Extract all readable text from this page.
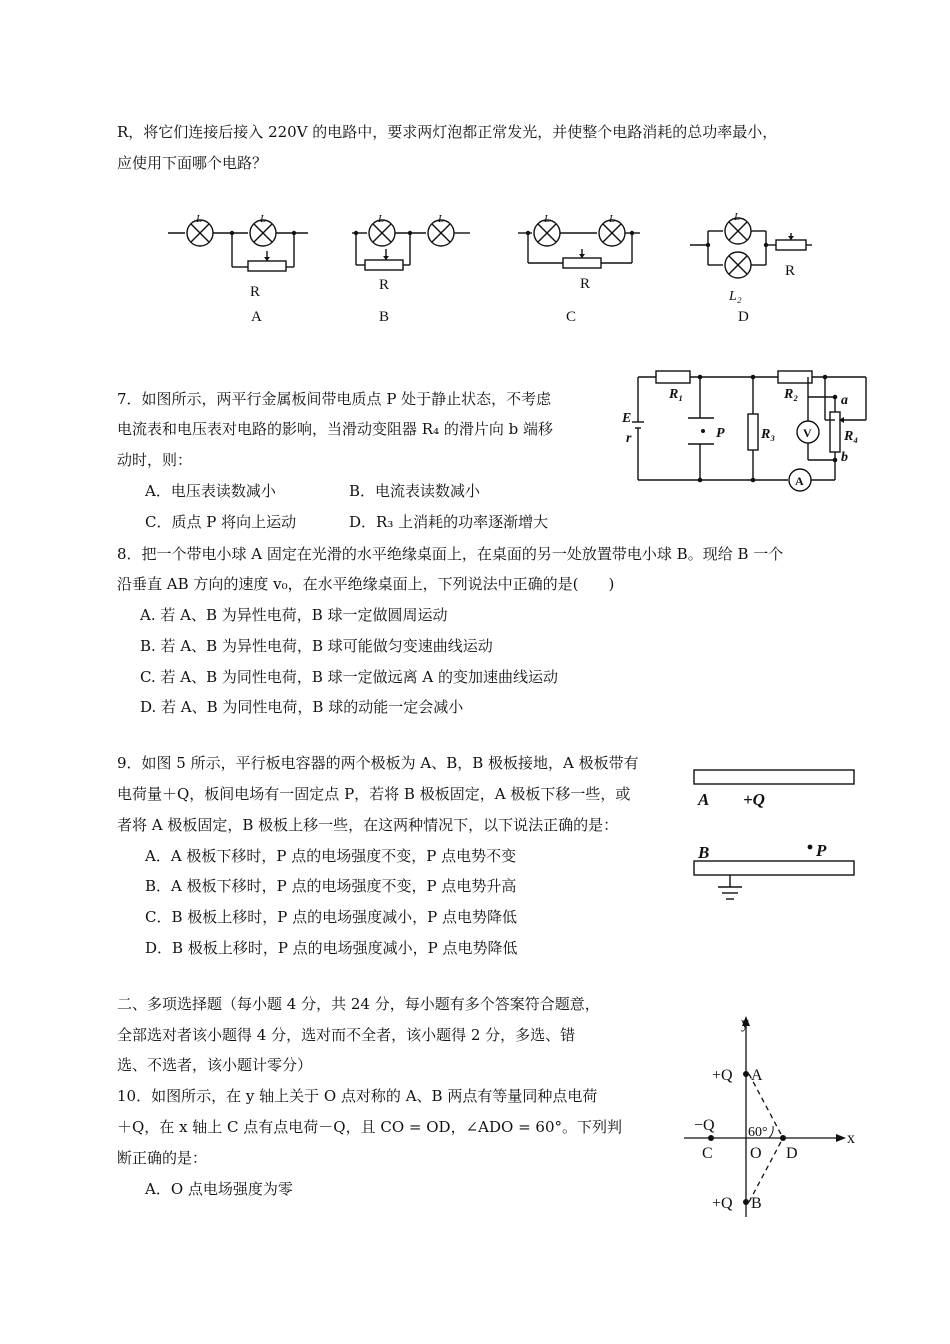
R，将它们连接后接入 220V 的电路中，要求两灯泡都正常发光，并使整个电路消耗的总功率最小，
应使用下面哪个电路？
L	L	L	L	L	L	L
R
A
R
B
R
C
R
L₂
D
7．如图所示，两平行金属板间带电质点 P 处于静止状态，不考虑
电流表和电压表对电路的影响，当滑动变阻器 R₄ 的滑片向 b 端移
动时，则：
A．电压表读数减小	B．电流表读数减小
C．质点 P 将向上运动	D．R₃ 上消耗的功率逐渐增大
R₁	R₂
R₃	R₄
E
r	P
a
b
V
A
8．把一个带电小球 A 固定在光滑的水平绝缘桌面上，在桌面的另一处放置带电小球 B。现给 B 一个
沿垂直 AB 方向的速度 v₀，在水平绝缘桌面上，下列说法中正确的是(　　)
A. 若 A、B 为异性电荷，B 球一定做圆周运动
B. 若 A、B 为异性电荷，B 球可能做匀变速曲线运动
C. 若 A、B 为同性电荷，B 球一定做远离 A 的变加速曲线运动
D. 若 A、B 为同性电荷，B 球的动能一定会减小
9．如图 5 所示，平行板电容器的两个极板为 A、B，B 极板接地，A 极板带有
电荷量＋Q，板间电场有一固定点 P，若将 B 极板固定，A 极板下移一些，或
者将 A 极板固定，B 极板上移一些，在这两种情况下，以下说法正确的是：
A．A 极板下移时，P 点的电场强度不变，P 点电势不变
B．A 极板下移时，P 点的电场强度不变，P 点电势升高
C．B 极板上移时，P 点的电场强度减小，P 点电势降低
D．B 极板上移时，P 点的电场强度减小，P 点电势降低
A +Q
B	P
二、多项选择题（每小题 4 分，共 24 分，每小题有多个答案符合题意，
全部选对者该小题得 4 分，选对而不全者，该小题得 2 分，多选、错
选、不选者，该小题计零分）
10．如图所示，在 y 轴上关于 O 点对称的 A、B 两点有等量同种点电荷
＋Q，在 x 轴上 C 点有点电荷－Q，且 CO = OD，∠ADO = 60°。下列判
断正确的是：
A．O 点电场强度为零
y
x
+Q A
−Q
C O D
60°
+Q B
